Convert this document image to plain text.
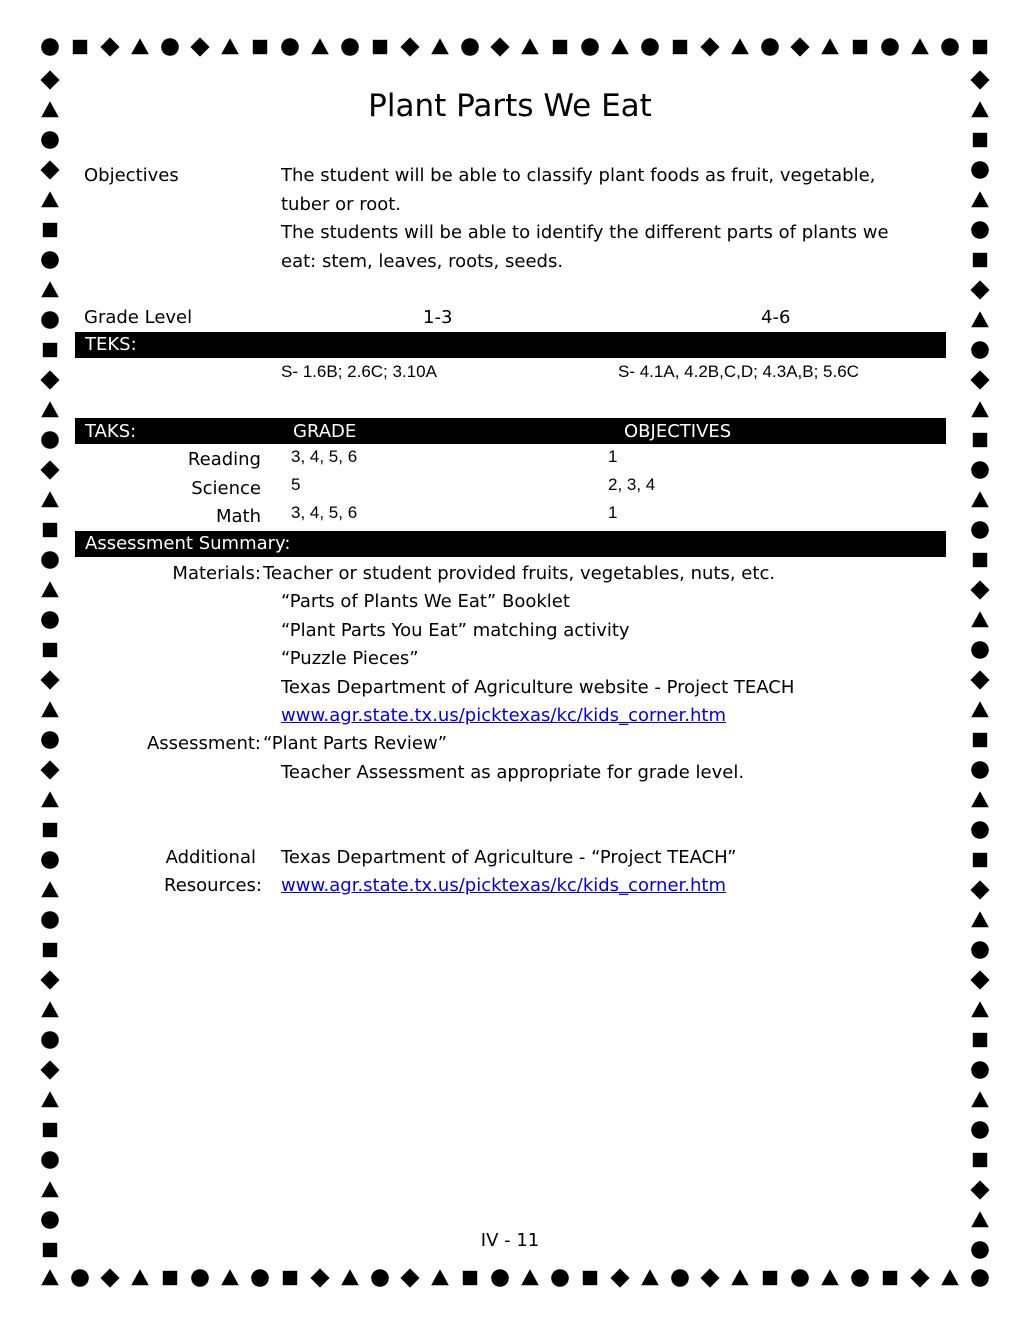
Plant Parts We Eat
Objectives	The student will be able to classify plant foods as fruit, vegetable,
tuber or root.
The students will be able to identify the different parts of plants we
eat: stem, leaves, roots, seeds.
Grade Level	1-3	4-6
TEKS:
S- 1.6B; 2.6C; 3.10A	S- 4.1A, 4.2B,C,D; 4.3A,B; 5.6C
TAKS:	GRADE	OBJECTIVES
Reading 3, 4, 5, 6	1
Science 5	2, 3, 4
Math 3, 4, 5, 6	1
Assessment Summary:
Materials: Teacher or student provided fruits, vegetables, nuts, etc.
“Parts of Plants We Eat” Booklet
“Plant Parts You Eat” matching activity
“Puzzle Pieces”
Texas Department of Agriculture website - Project TEACH
www.agr.state.tx.us/picktexas/kc/kids_corner.htm
Assessment: “Plant Parts Review”
Teacher Assessment as appropriate for grade level.
Additional
Resources:
Texas Department of Agriculture - “Project TEACH”
www.agr.state.tx.us/picktexas/kc/kids_corner.htm
IV - 11
